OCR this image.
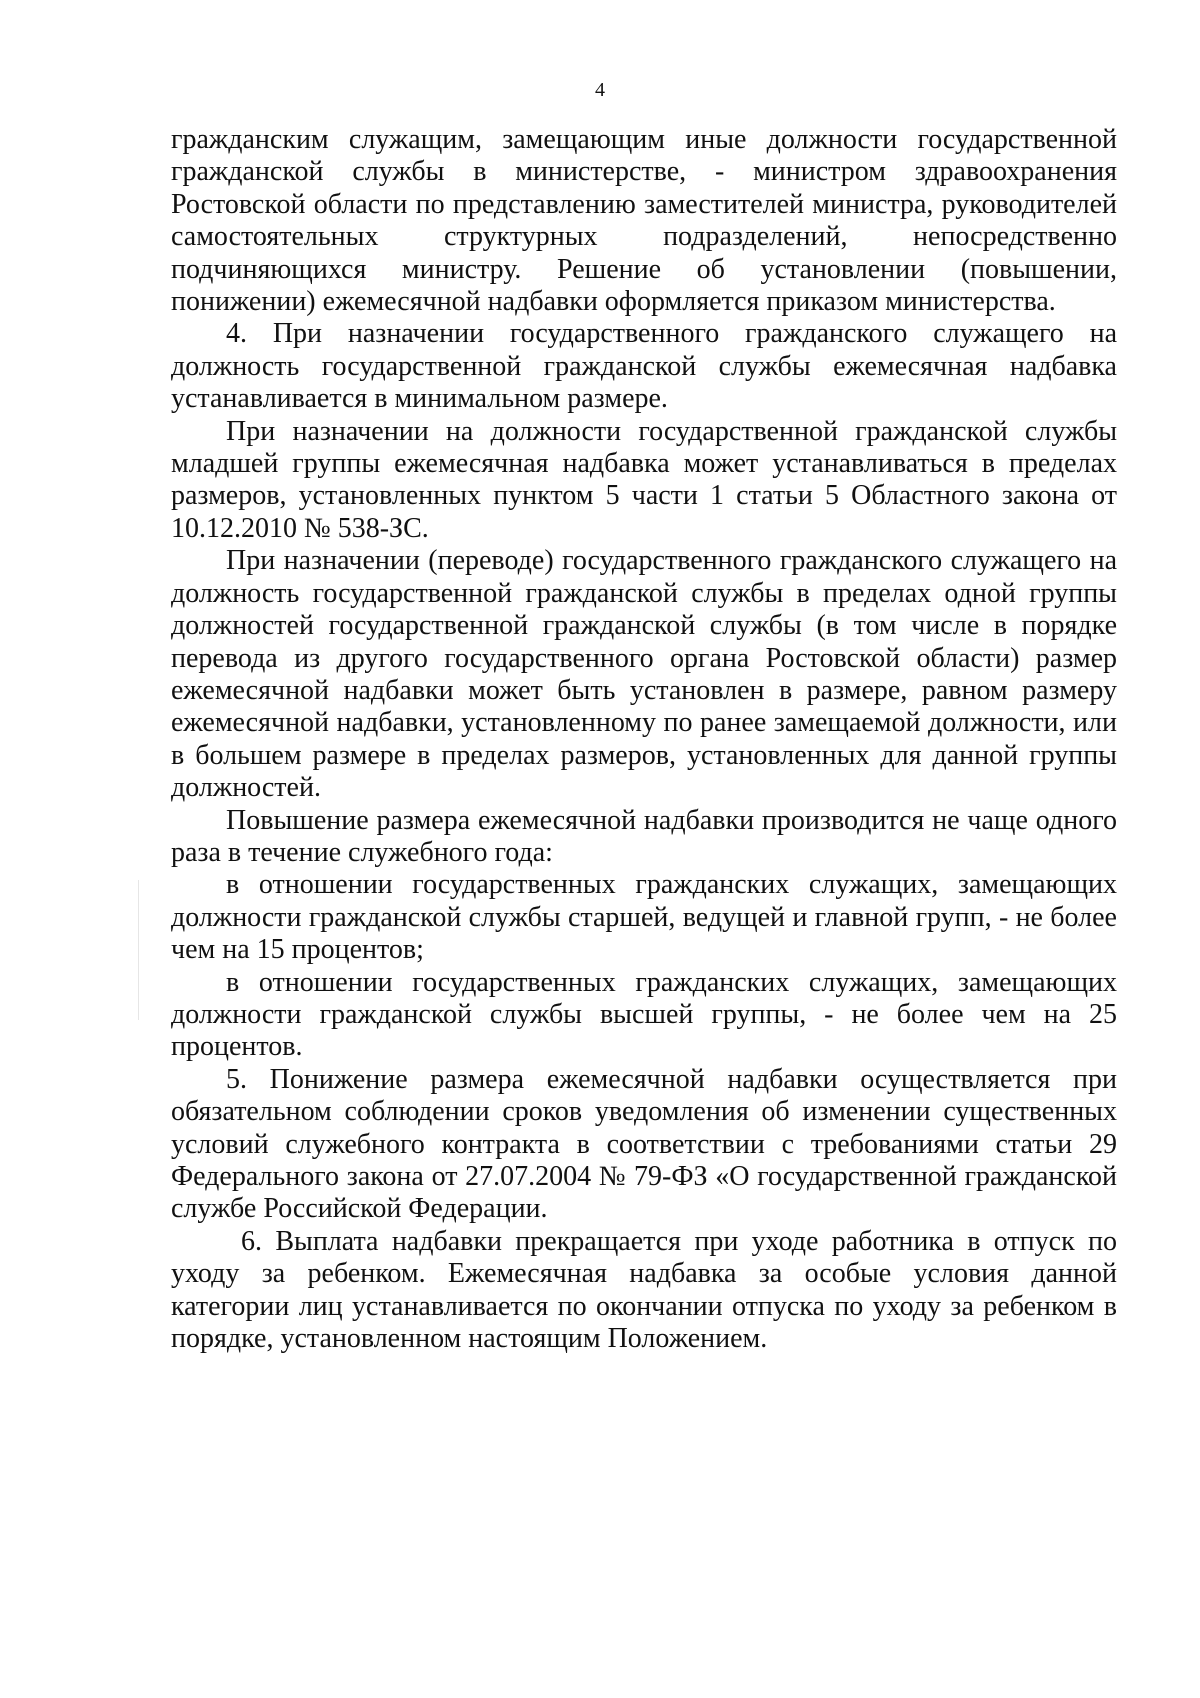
4

гражданским служащим, замещающим иные должности государственной гражданской службы в министерстве, - министром здравоохранения Ростовской области по представлению заместителей министра, руководителей самостоятельных структурных подразделений, непосредственно подчиняющихся министру. Решение об установлении (повышении, понижении) ежемесячной надбавки оформляется приказом министерства.

4. При назначении государственного гражданского служащего на должность государственной гражданской службы ежемесячная надбавка устанавливается в минимальном размере.

При назначении на должности государственной гражданской службы младшей группы ежемесячная надбавка может устанавливаться в пределах размеров, установленных пунктом 5 части 1 статьи 5 Областного закона от 10.12.2010 № 538-ЗС.

При назначении (переводе) государственного гражданского служащего на должность государственной гражданской службы в пределах одной группы должностей государственной гражданской службы (в том числе в порядке перевода из другого государственного органа Ростовской области) размер ежемесячной надбавки может быть установлен в размере, равном размеру ежемесячной надбавки, установленному по ранее замещаемой должности, или в большем размере в пределах размеров, установленных для данной группы должностей.

Повышение размера ежемесячной надбавки производится не чаще одного раза в течение служебного года:

в отношении государственных гражданских служащих, замещающих должности гражданской службы старшей, ведущей и главной групп, - не более чем на 15 процентов;

в отношении государственных гражданских служащих, замещающих должности гражданской службы высшей группы, - не более чем на 25 процентов.

5. Понижение размера ежемесячной надбавки осуществляется при обязательном соблюдении сроков уведомления об изменении существенных условий служебного контракта в соответствии с требованиями статьи 29 Федерального закона от 27.07.2004 № 79-ФЗ «О государственной гражданской службе Российской Федерации.

6. Выплата надбавки прекращается при уходе работника в отпуск по уходу за ребенком. Ежемесячная надбавка за особые условия данной категории лиц устанавливается по окончании отпуска по уходу за ребенком в порядке, установленном настоящим Положением.
